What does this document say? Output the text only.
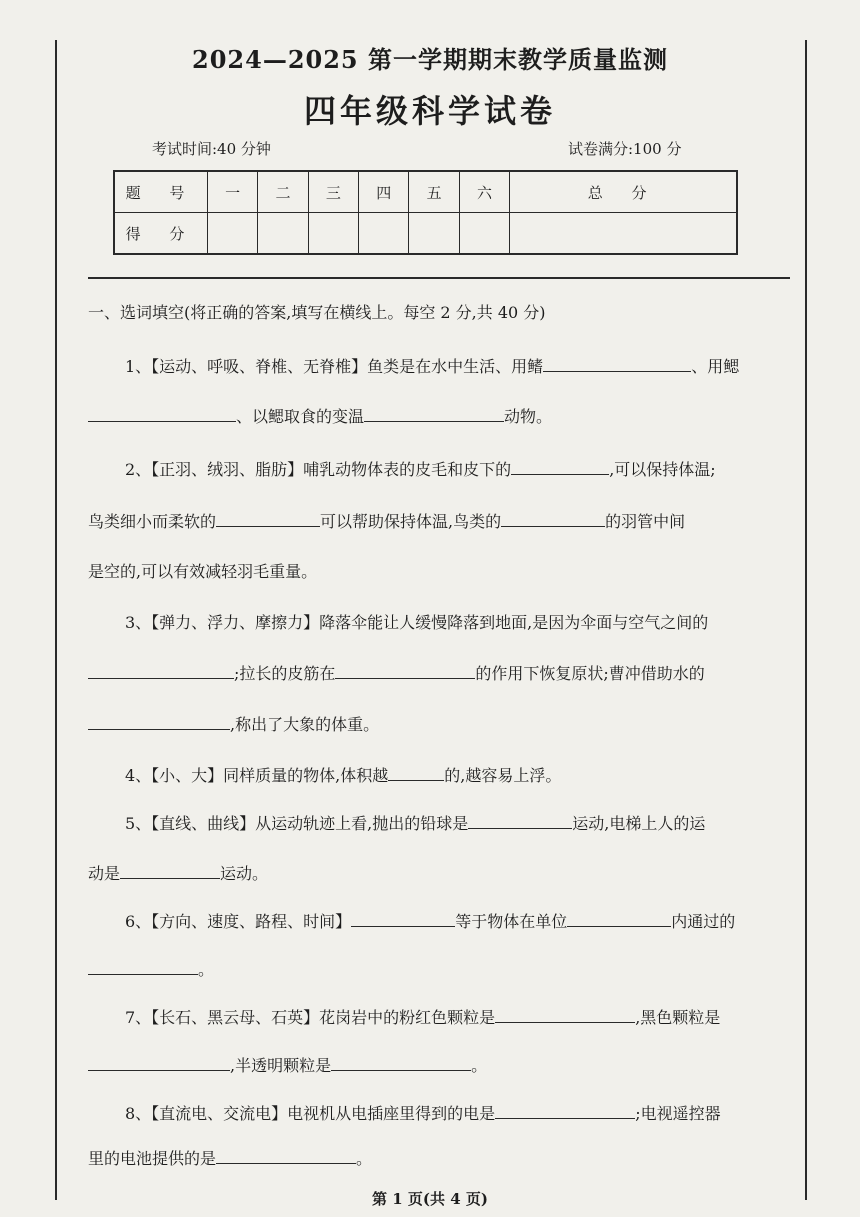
2024—2025 第一学期期末教学质量监测
四年级科学试卷
考试时间:40 分钟	试卷满分:100 分
题 号	一	二	三	四	五	六	总 分
得 分							
一、选词填空(将正确的答案,填写在横线上。每空 2 分,共 40 分)
1、【运动、呼吸、脊椎、无脊椎】鱼类是在水中生活、用鳍	、用鳃
、以鳃取食的变温	动物。
2、【正羽、绒羽、脂肪】哺乳动物体表的皮毛和皮下的	,可以保持体温;
鸟类细小而柔软的	可以帮助保持体温,鸟类的	的羽管中间
是空的,可以有效减轻羽毛重量。
3、【弹力、浮力、摩擦力】降落伞能让人缓慢降落到地面,是因为伞面与空气之间的
;拉长的皮筋在	的作用下恢复原状;曹冲借助水的
,称出了大象的体重。
4、【小、大】同样质量的物体,体积越	的,越容易上浮。
5、【直线、曲线】从运动轨迹上看,抛出的铅球是	运动,电梯上人的运
动是	运动。
6、【方向、速度、路程、时间】	等于物体在单位	内通过的
。
7、【长石、黑云母、石英】花岗岩中的粉红色颗粒是	,黑色颗粒是
,半透明颗粒是	。
8、【直流电、交流电】电视机从电插座里得到的电是	;电视遥控器
里的电池提供的是	。
第 1 页(共 4 页)
